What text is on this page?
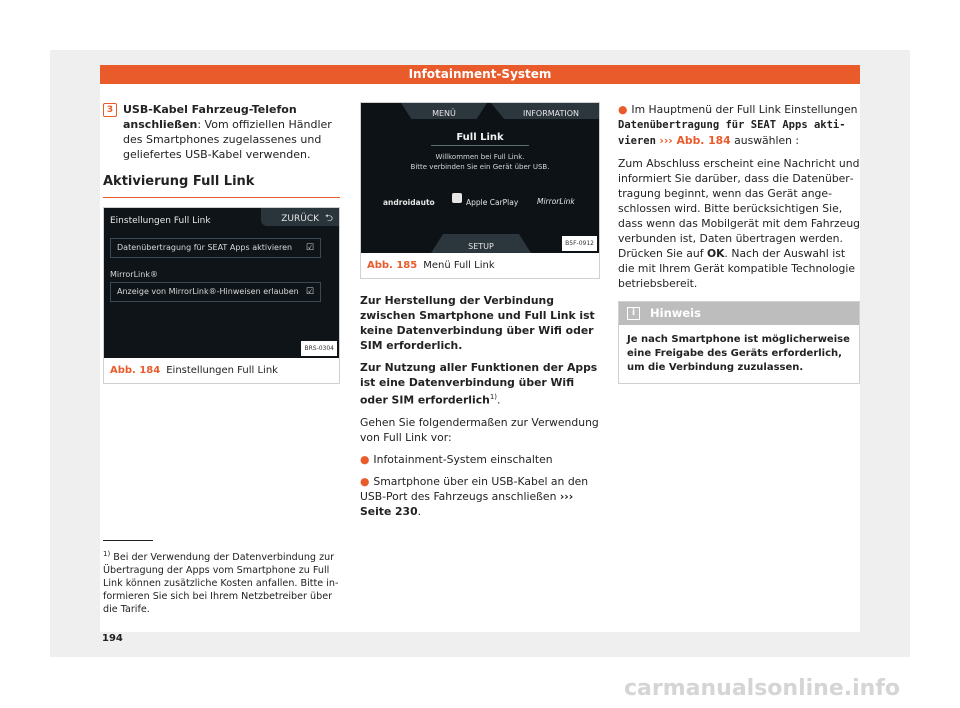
Infotainment-System
3 USB-Kabel Fahrzeug-Telefon anschließen: Vom offiziellen Händler des Smartphones zugelassenes und geliefertes USB-Kabel verwenden.
Aktivierung Full Link
Einstellungen Full Link	ZURÜCK ⮌
Datenübertragung für SEAT Apps aktivieren ☑
MirrorLink®
Anzeige von MirrorLink®-Hinweisen erlauben ☑
BRS-0304
Abb. 184 Einstellungen Full Link
$^{1)}$ Bei der Verwendung der Datenverbindung zur Übertragung der Apps vom Smartphone zu Full Link können zusätzliche Kosten anfallen. Bitte informieren Sie sich bei Ihrem Netzbetreiber über die Tarife.
194
MENÜ	INFORMATION
Full Link
Willkommen bei Full Link.
Bitte verbinden Sie ein Gerät über USB.
androidauto	Apple CarPlay MirrorLink
SETUP	B5F-0912
Abb. 185 Menü Full Link

Zur Herstellung der Verbindung zwischen Smartphone und Full Link ist keine Datenverbindung über Wifi oder SIM erforderlich.

Zur Nutzung aller Funktionen der Apps ist eine Datenverbindung über Wifi oder SIM erforderlich$^{1)}$.

Gehen Sie folgendermaßen zur Verwendung von Full Link vor:

● Infotainment-System einschalten

● Smartphone über ein USB-Kabel an den USB-Port des Fahrzeugs anschließen ››› Seite 230.

● Im Hauptmenü der Full Link Einstellungen Datenübertragung für SEAT Apps aktivieren ››› Abb. 184 auswählen :

Zum Abschluss erscheint eine Nachricht und informiert Sie darüber, dass die Datenübertragung beginnt, wenn das Gerät angeschlossen wird. Bitte berücksichtigen Sie, dass wenn das Mobilgerät mit dem Fahrzeug verbunden ist, Daten übertragen werden. Drücken Sie auf OK. Nach der Auswahl ist die mit Ihrem Gerät kompatible Technologie betriebsbereit.

i	Hinweis
Je nach Smartphone ist möglicherweise eine Freigabe des Geräts erforderlich, um die Verbindung zuzulassen.
carmanualsonline.info
